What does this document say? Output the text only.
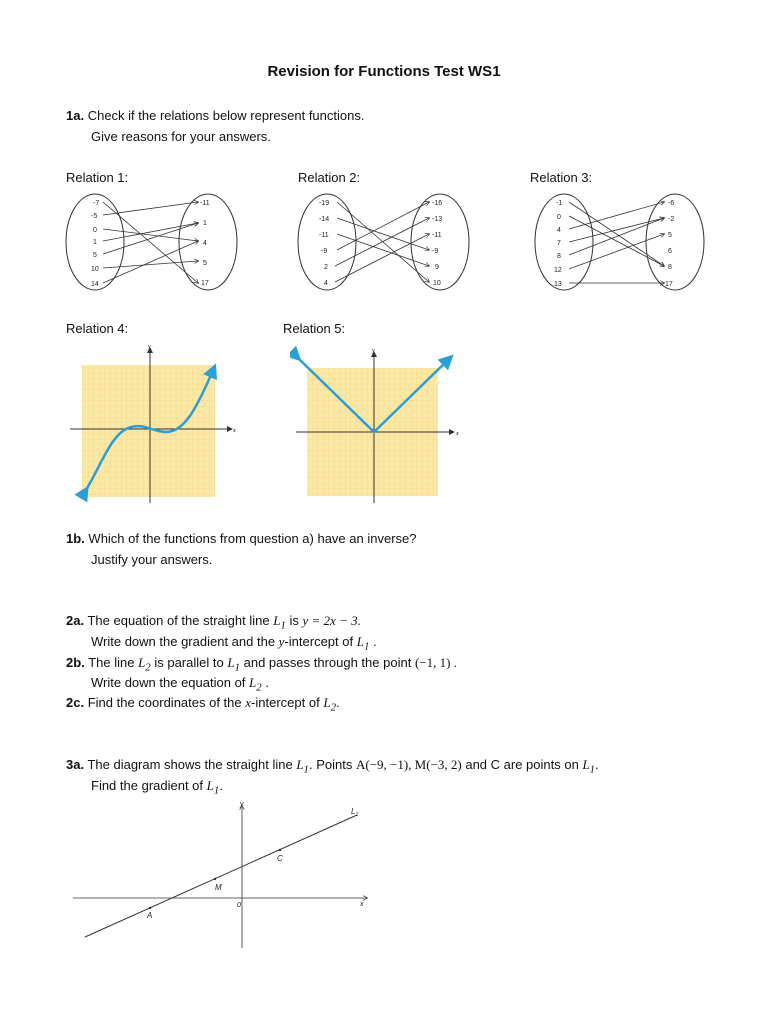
Revision for Functions Test WS1
1a. Check if the relations below represent functions.
Give reasons for your answers.
Relation 1:	Relation 2:	Relation 3:
-7
-5
0
1
5
10
14
-11
1
4
5
17
-19
-14
-11
-9
2
4
-16
-13
-11
-9
9
10
-1
0
4
7
8
12
13
-6
-2
5
6
8
17
Relation 4:	Relation 5:
x
y
x
y
1b. Which of the functions from question a) have an inverse?
Justify your answers.
2a. The equation of the straight line $L_1$ is y = 2x − 3.
Write down the gradient and the y-intercept of $L_1$ .
2b. The line $L_2$ is parallel to $L_1$ and passes through the point (−1, 1) .
Write down the equation of $L_2$ .
2c. Find the coordinates of the x-intercept of $L_2$.
3a. The diagram shows the straight line $L_1$. Points A(−9, −1), M(−3, 2) and C are points on $L_1$.
Find the gradient of $L_1$.
A
M
C
0	x
y
$L_1$
